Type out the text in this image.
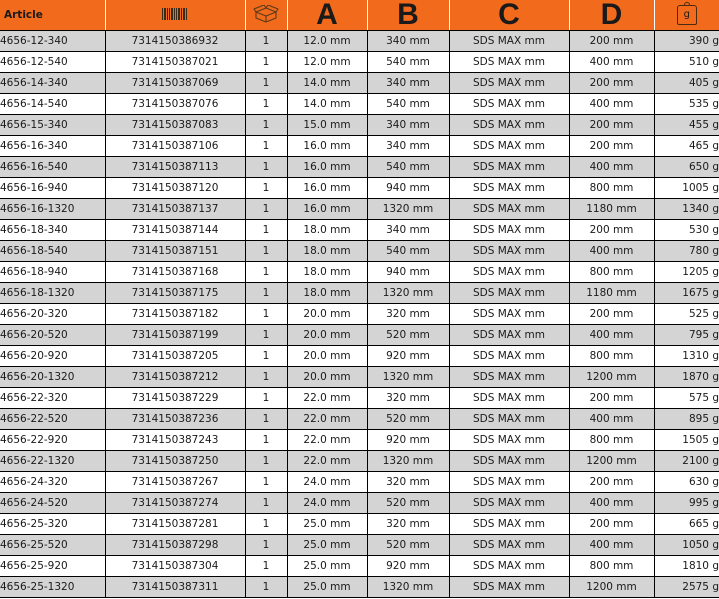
Article			A	B	C	D	g
4656-12-340	7314150386932	1	12.0 mm	340 mm	SDS MAX mm	200 mm	390 g
4656-12-540	7314150387021	1	12.0 mm	540 mm	SDS MAX mm	400 mm	510 g
4656-14-340	7314150387069	1	14.0 mm	340 mm	SDS MAX mm	200 mm	405 g
4656-14-540	7314150387076	1	14.0 mm	540 mm	SDS MAX mm	400 mm	535 g
4656-15-340	7314150387083	1	15.0 mm	340 mm	SDS MAX mm	200 mm	455 g
4656-16-340	7314150387106	1	16.0 mm	340 mm	SDS MAX mm	200 mm	465 g
4656-16-540	7314150387113	1	16.0 mm	540 mm	SDS MAX mm	400 mm	650 g
4656-16-940	7314150387120	1	16.0 mm	940 mm	SDS MAX mm	800 mm	1005 g
4656-16-1320	7314150387137	1	16.0 mm	1320 mm	SDS MAX mm	1180 mm	1340 g
4656-18-340	7314150387144	1	18.0 mm	340 mm	SDS MAX mm	200 mm	530 g
4656-18-540	7314150387151	1	18.0 mm	540 mm	SDS MAX mm	400 mm	780 g
4656-18-940	7314150387168	1	18.0 mm	940 mm	SDS MAX mm	800 mm	1205 g
4656-18-1320	7314150387175	1	18.0 mm	1320 mm	SDS MAX mm	1180 mm	1675 g
4656-20-320	7314150387182	1	20.0 mm	320 mm	SDS MAX mm	200 mm	525 g
4656-20-520	7314150387199	1	20.0 mm	520 mm	SDS MAX mm	400 mm	795 g
4656-20-920	7314150387205	1	20.0 mm	920 mm	SDS MAX mm	800 mm	1310 g
4656-20-1320	7314150387212	1	20.0 mm	1320 mm	SDS MAX mm	1200 mm	1870 g
4656-22-320	7314150387229	1	22.0 mm	320 mm	SDS MAX mm	200 mm	575 g
4656-22-520	7314150387236	1	22.0 mm	520 mm	SDS MAX mm	400 mm	895 g
4656-22-920	7314150387243	1	22.0 mm	920 mm	SDS MAX mm	800 mm	1505 g
4656-22-1320	7314150387250	1	22.0 mm	1320 mm	SDS MAX mm	1200 mm	2100 g
4656-24-320	7314150387267	1	24.0 mm	320 mm	SDS MAX mm	200 mm	630 g
4656-24-520	7314150387274	1	24.0 mm	520 mm	SDS MAX mm	400 mm	995 g
4656-25-320	7314150387281	1	25.0 mm	320 mm	SDS MAX mm	200 mm	665 g
4656-25-520	7314150387298	1	25.0 mm	520 mm	SDS MAX mm	400 mm	1050 g
4656-25-920	7314150387304	1	25.0 mm	920 mm	SDS MAX mm	800 mm	1810 g
4656-25-1320	7314150387311	1	25.0 mm	1320 mm	SDS MAX mm	1200 mm	2575 g
